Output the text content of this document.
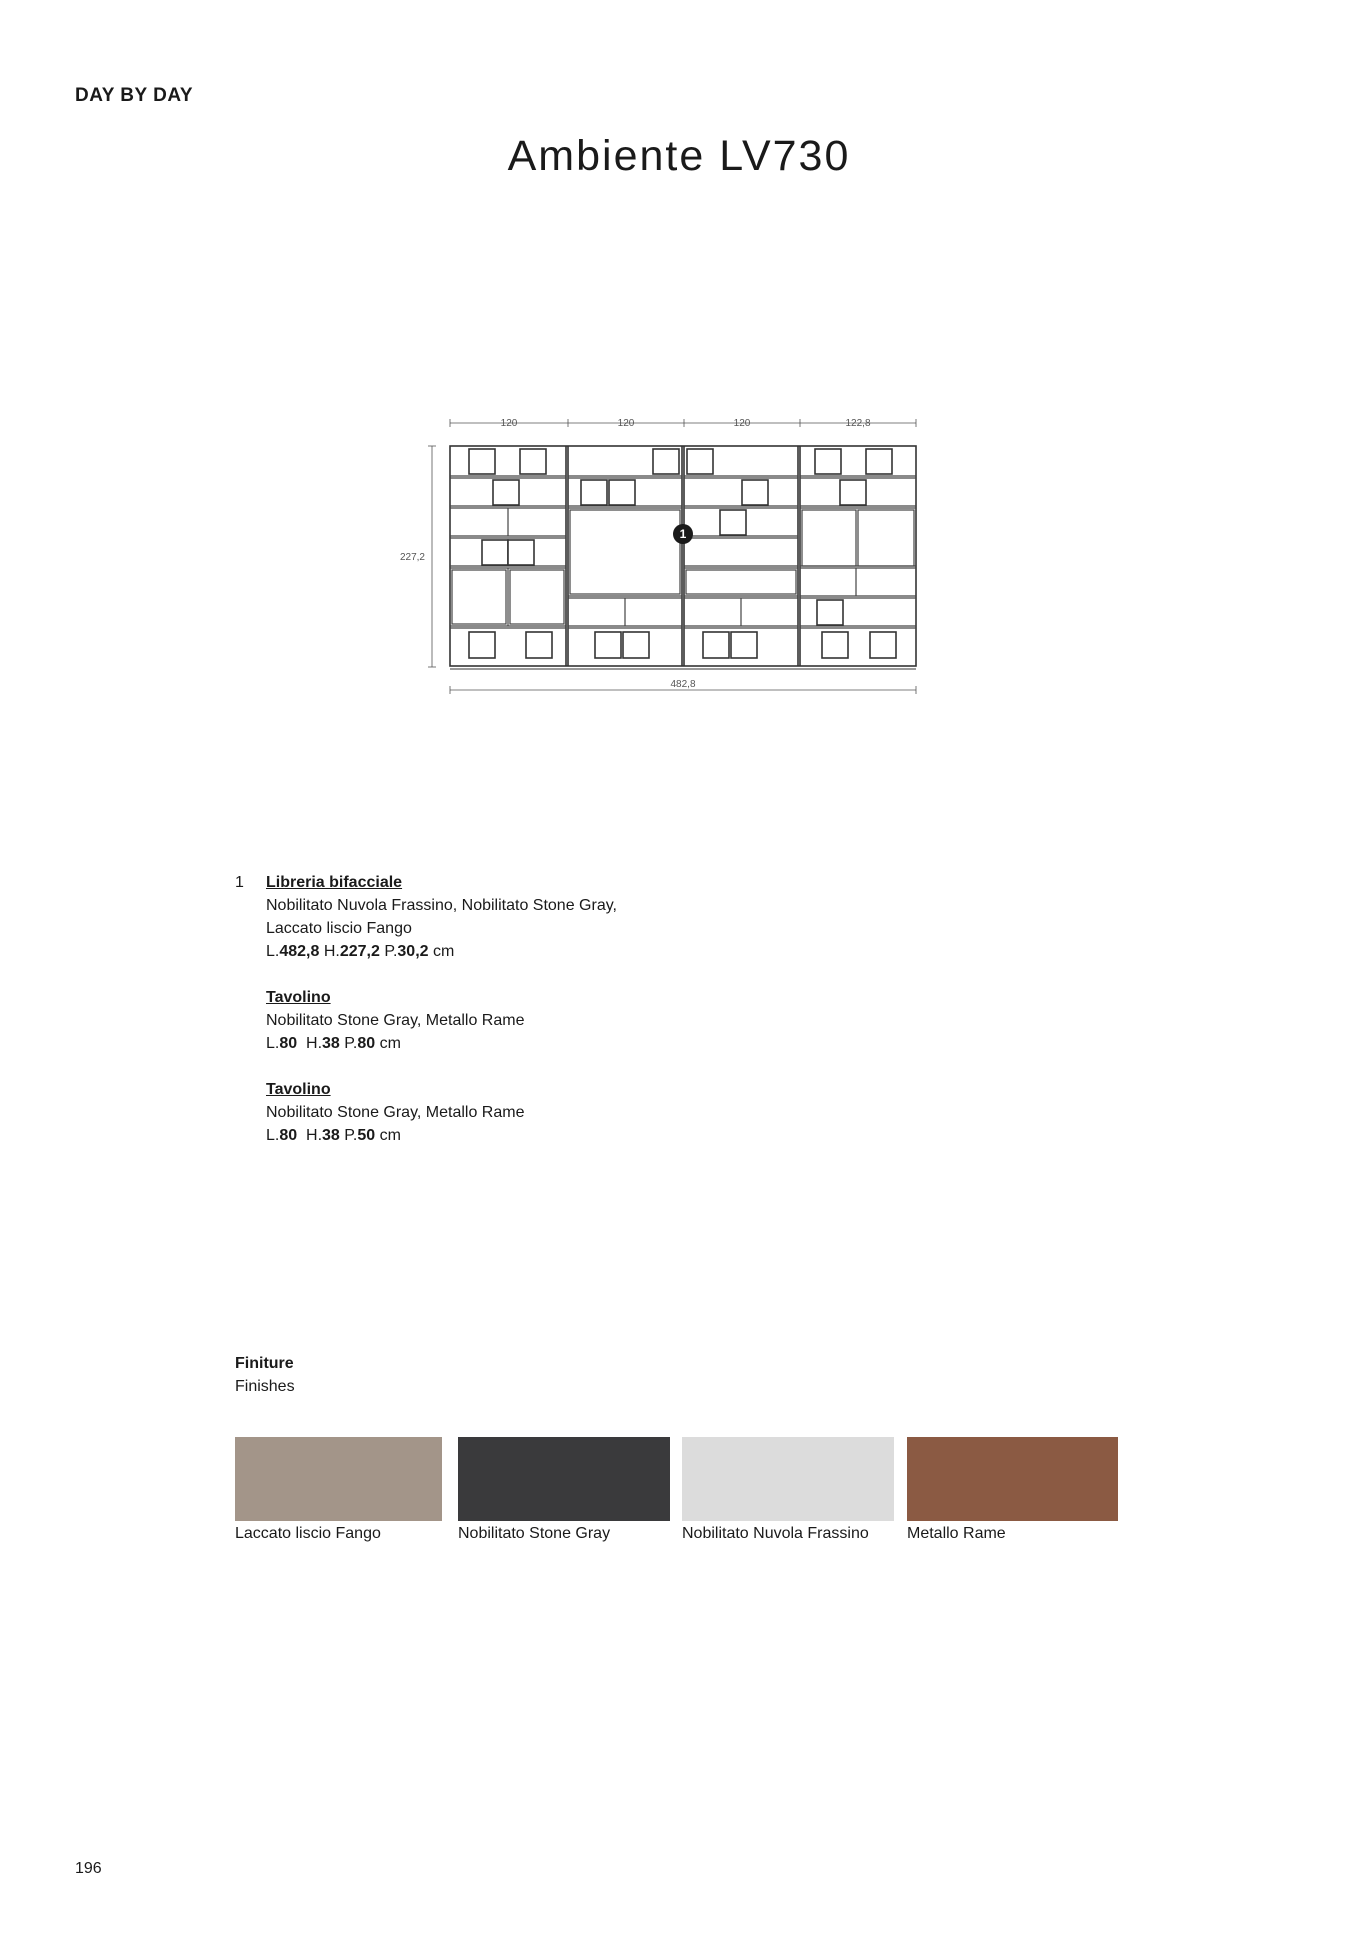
DAY BY DAY
Ambiente LV730
120	120	120	122,8
227,2
482,8
1
1 Libreria bifacciale
Nobilitato Nuvola Frassino, Nobilitato Stone Gray,
Laccato liscio Fango
L.482,8 H.227,2 P.30,2 cm
Tavolino
Nobilitato Stone Gray, Metallo Rame
L.80  H.38 P.80 cm
Tavolino
Nobilitato Stone Gray, Metallo Rame
L.80  H.38 P.50 cm
Finiture
Finishes
Laccato liscio Fango	Nobilitato Stone Gray	Nobilitato Nuvola Frassino	Metallo Rame
196
